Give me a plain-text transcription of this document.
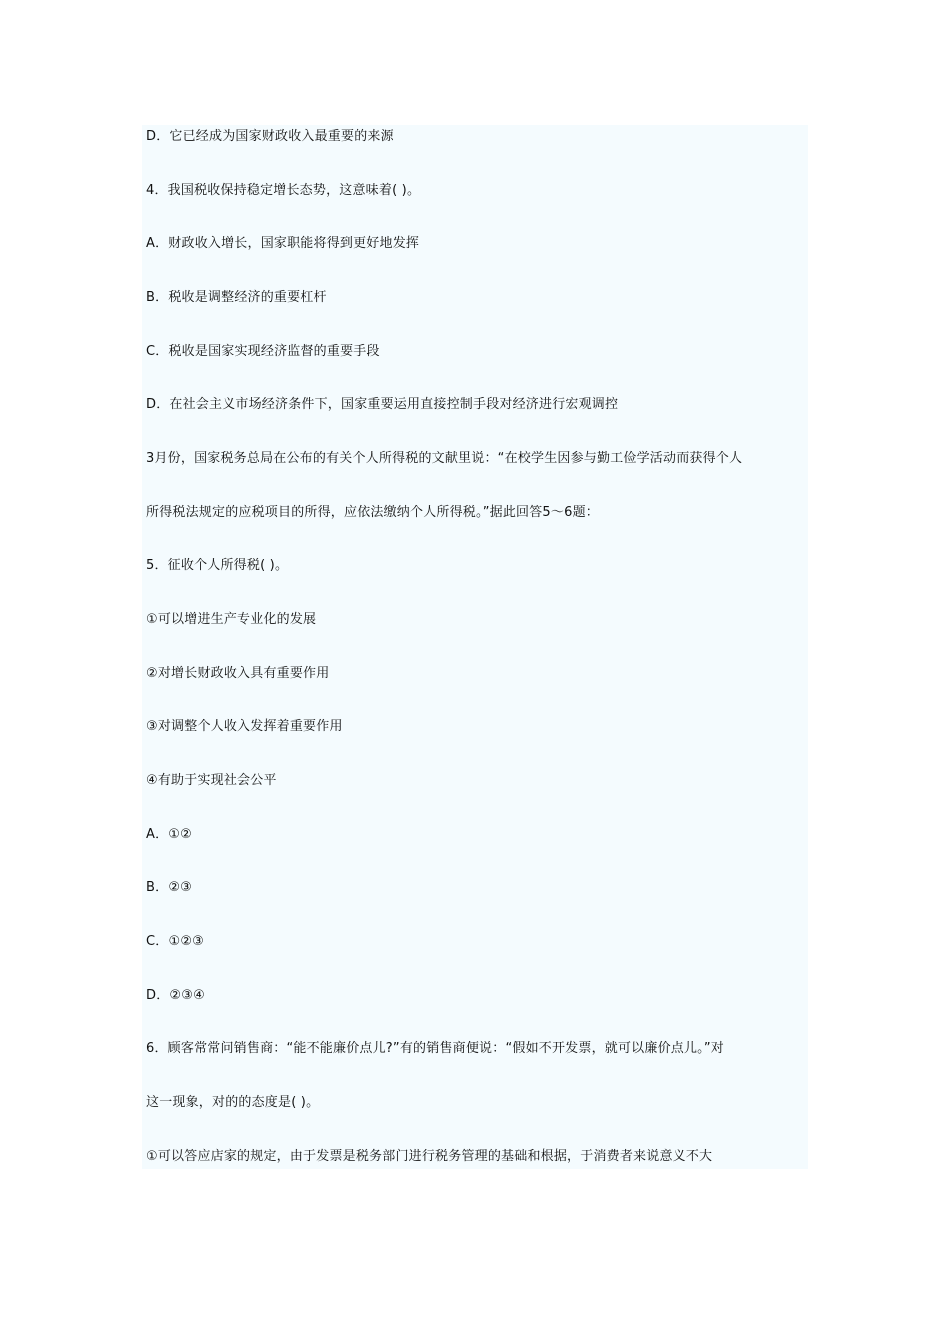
D．它已经成为国家财政收入最重要的来源
4．我国税收保持稳定增长态势，这意味着( )。
A．财政收入增长，国家职能将得到更好地发挥
B．税收是调整经济的重要杠杆
C．税收是国家实现经济监督的重要手段
D．在社会主义市场经济条件下，国家重要运用直接控制手段对经济进行宏观调控
3月份，国家税务总局在公布的有关个人所得税的文献里说：“在校学生因参与勤工俭学活动而获得个人
所得税法规定的应税项目的所得，应依法缴纳个人所得税。”据此回答5～6题：
5．征收个人所得税( )。
①可以增进生产专业化的发展
②对增长财政收入具有重要作用
③对调整个人收入发挥着重要作用
④有助于实现社会公平
A．①②
B．②③
C．①②③
D．②③④
6．顾客常常问销售商：“能不能廉价点儿?”有的销售商便说：“假如不开发票，就可以廉价点儿。”对
这一现象，对的的态度是( )。
①可以答应店家的规定，由于发票是税务部门进行税务管理的基础和根据，于消费者来说意义不大
